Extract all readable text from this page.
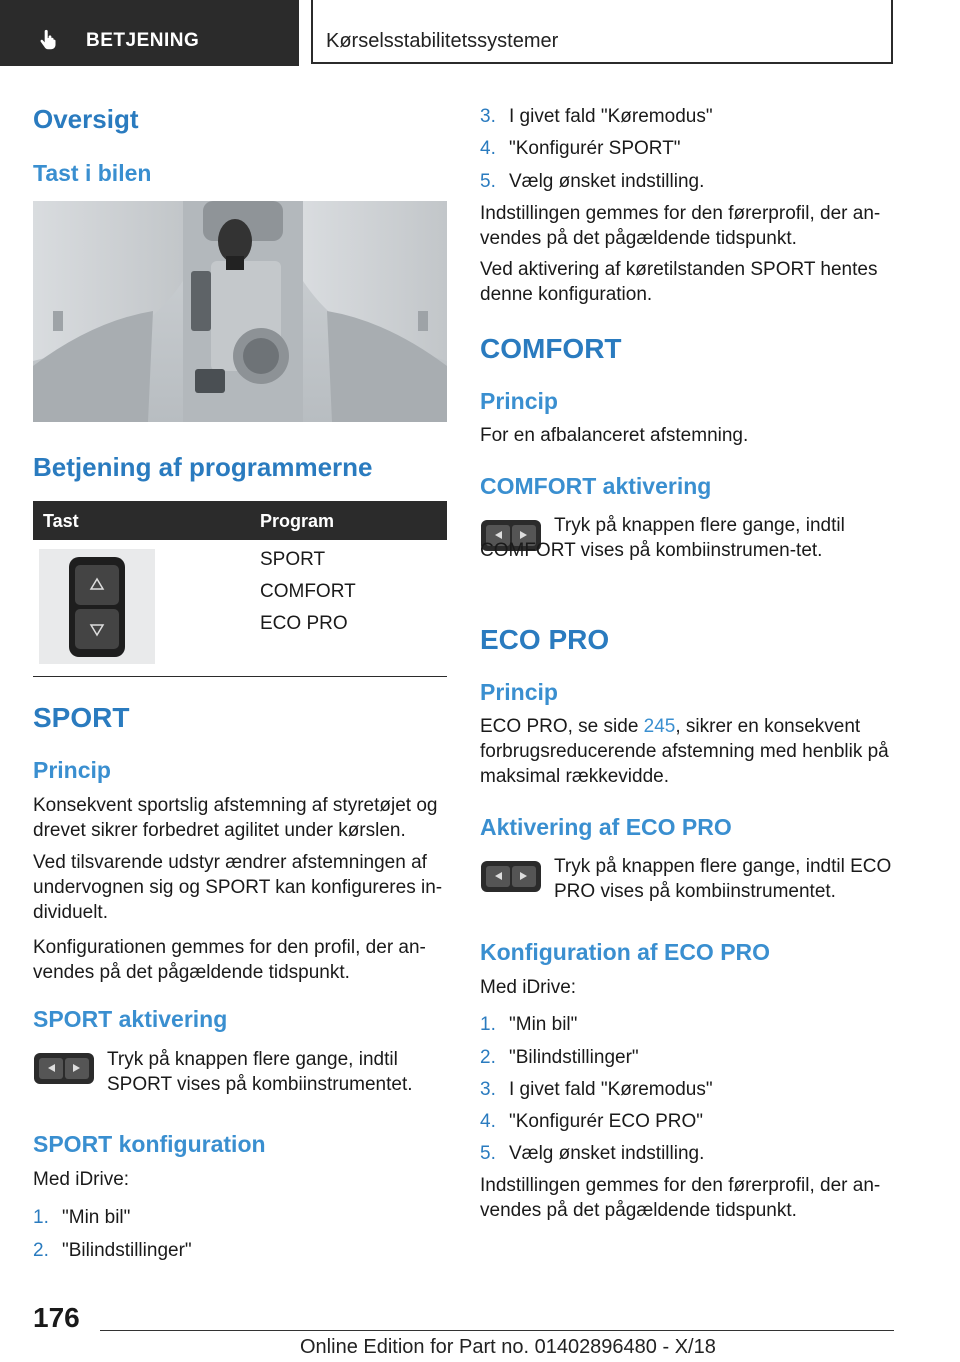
BETJENING	Kørselsstabilitetssystemer
Oversigt
Tast i bilen
Betjening af programmerne
Tast	Program
SPORT
COMFORT
ECO PRO
SPORT
Princip
Konsekvent sportslig afstemning af styretøjet og drevet sikrer forbedret agilitet under kørslen.
Ved tilsvarende udstyr ændrer afstemningen af undervognen sig og SPORT kan konfigureres in-dividuelt.
Konfigurationen gemmes for den profil, der an-vendes på det pågældende tidspunkt.
SPORT aktivering
Tryk på knappen flere gange, indtil SPORT vises på kombiinstrumentet.
SPORT konfiguration
Med iDrive:
1. "Min bil"
2. "Bilindstillinger"
3. I givet fald "Køremodus"
4. "Konfigurér SPORT"
5. Vælg ønsket indstilling.
Indstillingen gemmes for den førerprofil, der an-vendes på det pågældende tidspunkt.
Ved aktivering af køretilstanden SPORT hentes denne konfiguration.
COMFORT
Princip
For en afbalanceret afstemning.
COMFORT aktivering
Tryk på knappen flere gange, indtil COMFORT vises på kombiinstrumen-tet.
ECO PRO
Princip
ECO PRO, se side 245, sikrer en konsekvent forbrugsreducerende afstemning med henblik på maksimal rækkevidde.
Aktivering af ECO PRO
Tryk på knappen flere gange, indtil ECO PRO vises på kombiinstrumentet.
Konfiguration af ECO PRO
Med iDrive:
1. "Min bil"
2. "Bilindstillinger"
3. I givet fald "Køremodus"
4. "Konfigurér ECO PRO"
5. Vælg ønsket indstilling.
Indstillingen gemmes for den førerprofil, der an-vendes på det pågældende tidspunkt.
176
Online Edition for Part no. 01402896480 - X/18
